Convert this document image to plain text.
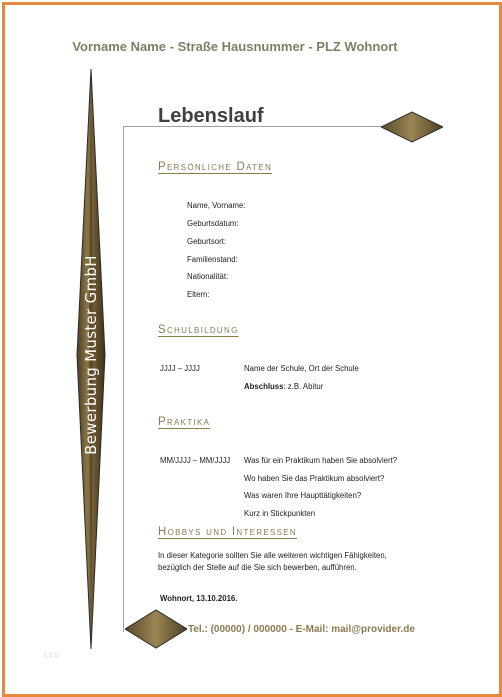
Vorname Name - Straße Hausnummer - PLZ Wohnort
Bewerbung Muster GmbH
Lebenslauf
Persönliche Daten
Name, Vorname:
Geburtsdatum:
Geburtsort:
Familienstand:
Nationalität:
Eltern:
Schulbildung
JJJJ – JJJJ	Name der Schule, Ort der Schule
Abschluss: z.B. Abitur
Praktika
MM/JJJJ – MM/JJJJ Was für ein Praktikum haben Sie absolviert?
Wo haben Sie das Praktikum absolviert?
Was waren Ihre Haupttätigkeiten?
Kurz in Stickpunkten
Hobbys und Interessen
In dieser Kategorie sollten Sie alle weiteren wichtigen Fähigkeiten, bezüglich der Stelle auf die Sie sich bewerben, aufführen.
Wohnort, 13.10.2016.
Tel.: (00000) / 000000 - E-Mail: mail@provider.de
1 z.g.
